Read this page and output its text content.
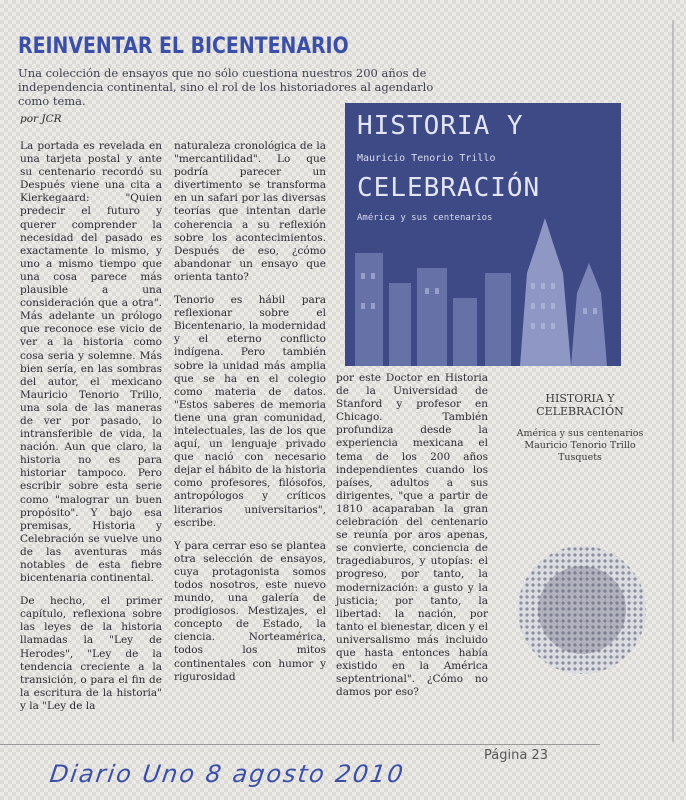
REINVENTAR EL BICENTENARIO
Una colección de ensayos que no sólo cuestiona nuestros 200 años de independencia continental, sino el rol de los historiadores al agendarlo como tema.
por JCR

La portada es revelada en una tarjeta postal y ante su centenario recordó su Después viene una cita a Kierkegaard: "Quien predecir el futuro y querer comprender la necesidad del pasado es exactamente lo mismo, y uno a mismo tiempo que una cosa parece más plausible a una consideración que a otra". Más adelante un prólogo que reconoce ese vicio de ver a la historia como cosa seria y solemne. Más bien sería, en las sombras del autor, el mexicano Mauricio Tenorio Trillo, una sola de las maneras de ver por pasado, lo intransferible de vida, la nación. Aun que claro, la historia no es para historiar tampoco. Pero escribir sobre esta serie como "malograr un buen propósito". Y bajo esa premisas, Historia y Celebración se vuelve uno de las aventuras más notables de esta fiebre bicentenaria continental.

De hecho, el primer capítulo, reflexiona sobre las leyes de la historia llamadas la "Ley de Herodes", "Ley de la tendencia creciente a la transición, o para el fin de la escritura de la historia" y la "Ley de la

naturaleza cronológica de la "mercantilidad". Lo que podría parecer un divertimento se transforma en un safari por las diversas teorías que intentan darle coherencia a su reflexión sobre los acontecimientos. Después de eso, ¿cómo abandonar un ensayo que orienta tanto?

Tenorio es hábil para reflexionar sobre el Bicentenario, la modernidad y el eterno conflicto indígena. Pero también sobre la unidad más amplia que se ha en el colegio como materia de datos. "Estos saberes de memoria tiene una gran comunidad, intelectuales, las de los que aquí, un lenguaje privado que nació con necesario dejar el hábito de la historia como profesores, filósofos, antropólogos y críticos literarios universitarios", escribe.

Y para cerrar eso se plantea otra selección de ensayos, cuya protagonista somos todos nosotros, este nuevo mundo, una galería de prodigiosos. Mestizajes, el concepto de Estado, la ciencia. Norteamérica, todos los mitos continentales con humor y rigurosidad

HISTORIA Y
Mauricio Tenorio Trillo
CELEBRACIÓN
América y sus centenarios

por este Doctor en Historia de la Universidad de Stanford y profesor en Chicago. También profundiza desde la experiencia mexicana el tema de los 200 años independientes cuando los países, adultos a sus dirigentes, "que a partir de 1810 acaparaban la gran celebración del centenario se reunía por aros apenas, se convierte, conciencia de tragediaburos, y utopías: el progreso, por tanto, la modernización: a gusto y la justicia; por tanto, la libertad: la nación, por tanto el bienestar, dicen y el universalismo más incluido que hasta entonces había existido en la América septentrional". ¿Cómo no damos por eso?

HISTORIA Y CELEBRACIÓN
América y sus centenarios Mauricio Tenorio Trillo Tusquets
Página 23
Diario Uno 8 agosto 2010
